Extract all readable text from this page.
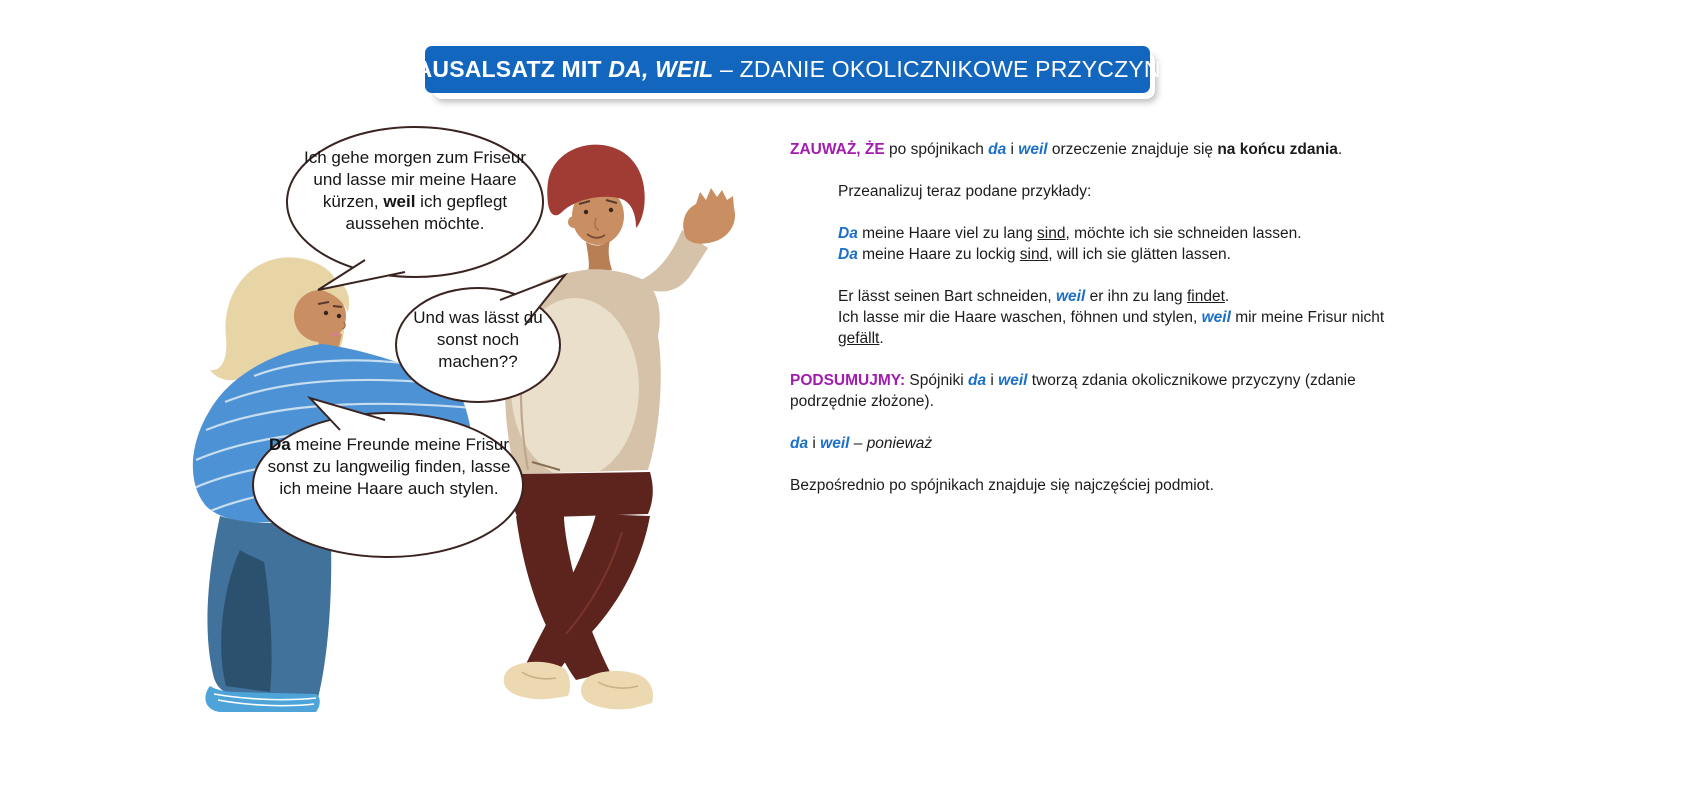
KAUSALSATZ MIT DA, WEIL – ZDANIE OKOLICZNIKOWE PRZYCZYNY
Ich gehe morgen zum Friseur und lasse mir meine Haare kürzen, weil ich gepflegt aussehen möchte.
Und was lässt du sonst noch machen??
Da meine Freunde meine Frisur sonst zu langweilig finden, lasse ich meine Haare auch stylen.
ZAUWAŻ, ŻE po spójnikach da i weil orzeczenie znajduje się na końcu zdania.
Przeanalizuj teraz podane przykłady:
Da meine Haare viel zu lang sind, möchte ich sie schneiden lassen.
Da meine Haare zu lockig sind, will ich sie glätten lassen.
Er lässt seinen Bart schneiden, weil er ihn zu lang findet.
Ich lasse mir die Haare waschen, föhnen und stylen, weil mir meine Frisur nicht gefällt.
PODSUMUJMY: Spójniki da i weil tworzą zdania okolicznikowe przyczyny (zdanie podrzędnie złożone).
da i weil – ponieważ
Bezpośrednio po spójnikach znajduje się najczęściej podmiot.
